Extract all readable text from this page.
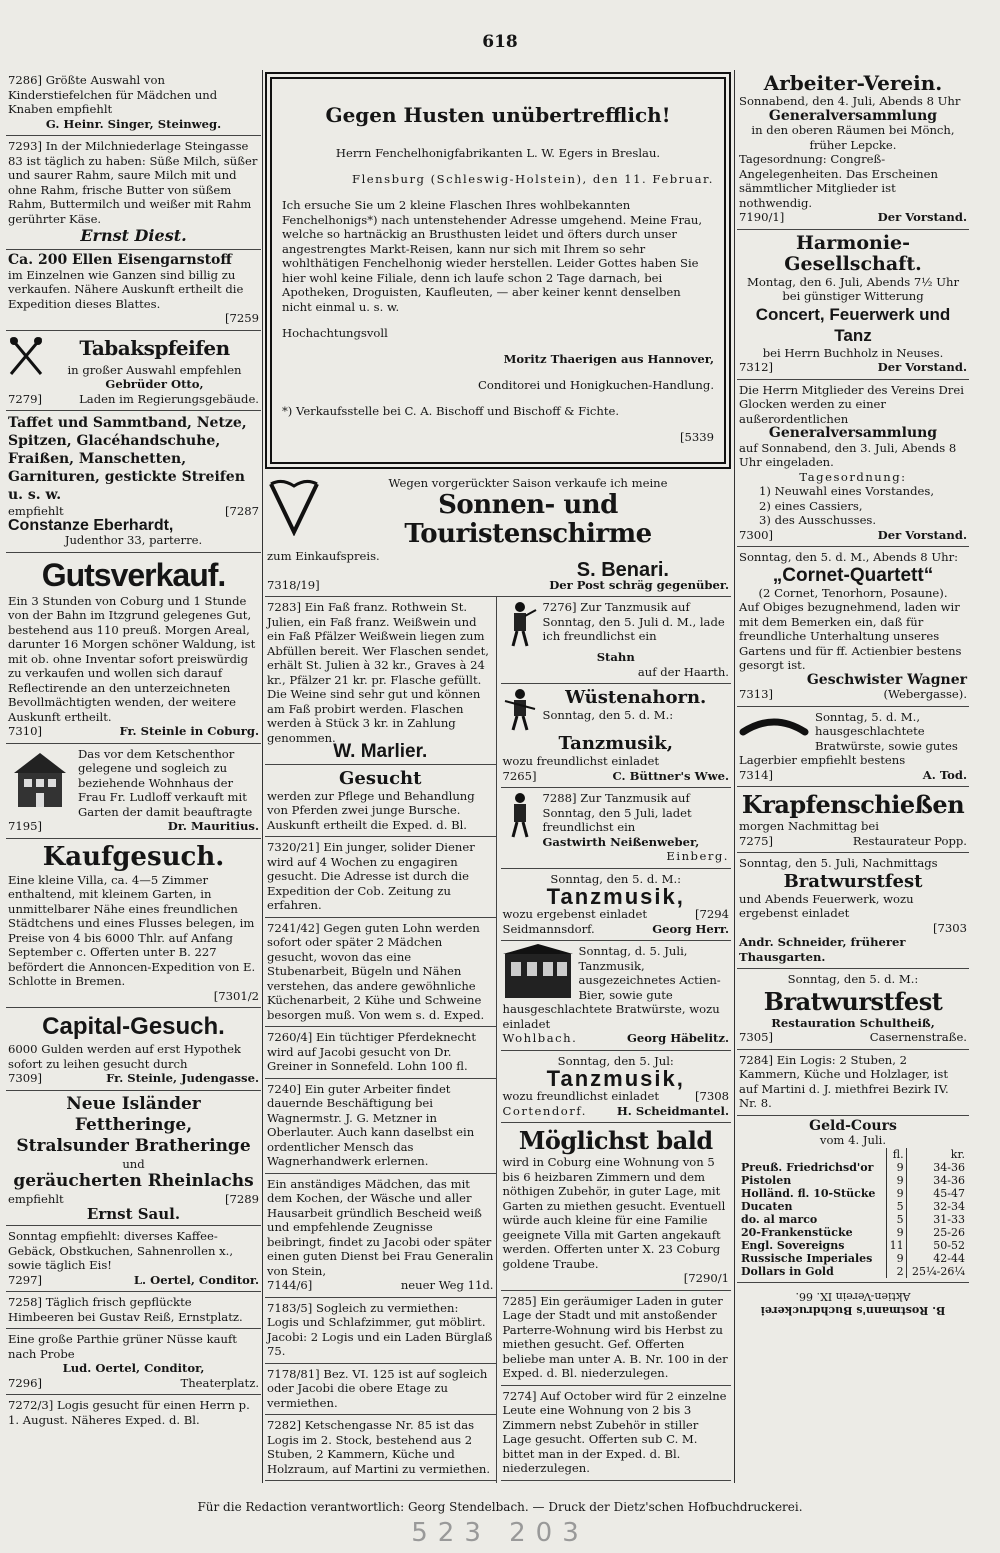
618

7286] Größte Auswahl von Kinderstiefelchen für Mädchen und Knaben empfiehlt

G. Heinr. Singer, Steinweg.

7293] In der Milchniederlage Steingasse 83 ist täglich zu haben: Süße Milch, süßer und saurer Rahm, saure Milch mit und ohne Rahm, frische Butter von süßem Rahm, Buttermilch und weißer mit Rahm gerührter Käse.

Ernst Diest.

Ca. 200 Ellen Eisengarnstoff

im Einzelnen wie Ganzen sind billig zu verkaufen. Nähere Auskunft ertheilt die Expedition dieses Blattes.

[7259

Tabakspfeifen

in großer Auswahl empfehlen

Gebrüder Otto,

7279]	Laden im Regierungsgebäude.

Taffet und Sammtband, Netze, Spitzen, Glacéhandschuhe, Fraißen, Manschetten, Garnituren, gestickte Streifen u. s. w.

empfiehlt	[7287

Constanze Eberhardt,

Judenthor 33, parterre.

Gutsverkauf.

Ein 3 Stunden von Coburg und 1 Stunde von der Bahn im Itzgrund gelegenes Gut, bestehend aus 110 preuß. Morgen Areal, darunter 16 Morgen schöner Waldung, ist mit ob. ohne Inventar sofort preiswürdig zu verkaufen und wollen sich darauf Reflectirende an den unterzeichneten Bevollmächtigten wenden, der weitere Auskunft ertheilt.

7310]	Fr. Steinle in Coburg.

Das vor dem Ketschenthor gelegene und sogleich zu beziehende Wohnhaus der Frau Fr. Ludloff verkauft mit Garten der damit beauftragte

7195]	Dr. Mauritius.

Kaufgesuch.

Eine kleine Villa, ca. 4—5 Zimmer enthaltend, mit kleinem Garten, in unmittelbarer Nähe eines freundlichen Städtchens und eines Flusses belegen, im Preise von 4 bis 6000 Thlr. auf Anfang September c. Offerten unter B. 227 befördert die Annoncen-Expedition von E. Schlotte in Bremen.

[7301/2

Capital-Gesuch.

6000 Gulden werden auf erst Hypothek sofort zu leihen gesucht durch

7309]	Fr. Steinle, Judengasse.

Neue Isländer Fettheringe,

Stralsunder Bratheringe

und

geräucherten Rheinlachs

empfiehlt	[7289

Ernst Saul.

Sonntag empfiehlt: diverses Kaffee-Gebäck, Obstkuchen, Sahnenrollen x., sowie täglich Eis!

7297]	L. Oertel, Conditor.

7258] Täglich frisch gepflückte Himbeeren bei Gustav Reiß, Ernstplatz.

Eine große Parthie grüner Nüsse kauft nach Probe

Lud. Oertel, Conditor,

7296]	Theaterplatz.

7272/3] Logis gesucht für einen Herrn p. 1. August. Näheres Exped. d. Bl.

Gegen Husten unübertrefflich!

Herrn Fenchelhonigfabrikanten L. W. Egers in Breslau.

Flensburg (Schleswig-Holstein), den 11. Februar.

Ich ersuche Sie um 2 kleine Flaschen Ihres wohlbekannten Fenchelhonigs*) nach untenstehender Adresse umgehend. Meine Frau, welche so hartnäckig an Brusthusten leidet und öfters durch unser angestrengtes Markt-Reisen, kann nur sich mit Ihrem so sehr wohlthätigen Fenchelhonig wieder herstellen. Leider Gottes haben Sie hier wohl keine Filiale, denn ich laufe schon 2 Tage darnach, bei Apotheken, Droguisten, Kaufleuten, — aber keiner kennt denselben nicht einmal u. s. w.

Hochachtungsvoll

Moritz Thaerigen aus Hannover,

Conditorei und Honigkuchen-Handlung.

*) Verkaufsstelle bei C. A. Bischoff und Bischoff & Fichte.

[5339

Wegen vorgerückter Saison verkaufe ich meine

Sonnen- und Touristenschirme

zum Einkaufspreis.

S. Benari.

7318/19]	Der Post schräg gegenüber.

7283] Ein Faß franz. Rothwein St. Julien, ein Faß franz. Weißwein und ein Faß Pfälzer Weißwein liegen zum Abfüllen bereit. Wer Flaschen sendet, erhält St. Julien à 32 kr., Graves à 24 kr., Pfälzer 21 kr. pr. Flasche gefüllt. Die Weine sind sehr gut und können am Faß probirt werden. Flaschen werden à Stück 3 kr. in Zahlung genommen.

W. Marlier.

Gesucht

werden zur Pflege und Behandlung von Pferden zwei junge Bursche. Auskunft ertheilt die Exped. d. Bl.

7320/21] Ein junger, solider Diener wird auf 4 Wochen zu engagiren gesucht. Die Adresse ist durch die Expedition der Cob. Zeitung zu erfahren.

7241/42] Gegen guten Lohn werden sofort oder später 2 Mädchen gesucht, wovon das eine Stubenarbeit, Bügeln und Nähen verstehen, das andere gewöhnliche Küchenarbeit, 2 Kühe und Schweine besorgen muß. Von wem s. d. Exped.

7260/4] Ein tüchtiger Pferdeknecht wird auf Jacobi gesucht von Dr. Greiner in Sonnefeld. Lohn 100 fl.

7240] Ein guter Arbeiter findet dauernde Beschäftigung bei Wagnermstr. J. G. Metzner in Oberlauter. Auch kann daselbst ein ordentlicher Mensch das Wagnerhandwerk erlernen.

Ein anständiges Mädchen, das mit dem Kochen, der Wäsche und aller Hausarbeit gründlich Bescheid weiß und empfehlende Zeugnisse beibringt, findet zu Jacobi oder später einen guten Dienst bei Frau Generalin von Stein,

7144/6]	neuer Weg 11d.

7183/5] Sogleich zu vermiethen: Logis und Schlafzimmer, gut möblirt. Jacobi: 2 Logis und ein Laden Bürglaß 75.

7178/81] Bez. VI. 125 ist auf sogleich oder Jacobi die obere Etage zu vermiethen.

7282] Ketschengasse Nr. 85 ist das Logis im 2. Stock, bestehend aus 2 Stuben, 2 Kammern, Küche und Holzraum, auf Martini zu vermiethen.

7276] Zur Tanzmusik auf Sonntag, den 5. Juli d. M., lade ich freundlichst ein

Stahn

auf der Haarth.

Wüstenahorn.

Sonntag, den 5. d. M.:

Tanzmusik,

wozu freundlichst einladet

7265]	C. Büttner's Wwe.

7288] Zur Tanzmusik auf Sonntag, den 5 Juli, ladet freundlichst ein

Gastwirth Neißenweber,

Einberg.

Sonntag, den 5. d. M.:

Tanzmusik,

wozu ergebenst einladet	[7294
Seidmannsdorf.	Georg Herr.

Sonntag, d. 5. Juli, Tanzmusik, ausgezeichnetes Actien-Bier, sowie gute hausgeschlachtete Bratwürste, wozu einladet

Wohlbach.	Georg Häbelitz.

Sonntag, den 5. Jul:

Tanzmusik,

wozu freundlichst einladet	[7308
Cortendorf.	H. Scheidmantel.

Möglichst bald

wird in Coburg eine Wohnung von 5 bis 6 heizbaren Zimmern und dem nöthigen Zubehör, in guter Lage, mit Garten zu miethen gesucht. Eventuell würde auch kleine für eine Familie geeignete Villa mit Garten angekauft werden. Offerten unter X. 23 Coburg goldene Traube.

[7290/1

7285] Ein geräumiger Laden in guter Lage der Stadt und mit anstoßender Parterre-Wohnung wird bis Herbst zu miethen gesucht. Gef. Offerten beliebe man unter A. B. Nr. 100 in der Exped. d. Bl. niederzulegen.

7274] Auf October wird für 2 einzelne Leute eine Wohnung von 2 bis 3 Zimmern nebst Zubehör in stiller Lage gesucht. Offerten sub C. M. bittet man in der Exped. d. Bl. niederzulegen.

Arbeiter-Verein.

Sonnabend, den 4. Juli, Abends 8 Uhr

Generalversammlung

in den oberen Räumen bei Mönch, früher Lepcke.

Tagesordnung: Congreß-Angelegenheiten. Das Erscheinen sämmtlicher Mitglieder ist nothwendig.

7190/1]	Der Vorstand.

Harmonie-Gesellschaft.

Montag, den 6. Juli, Abends 7½ Uhr bei günstiger Witterung

Concert, Feuerwerk und Tanz

bei Herrn Buchholz in Neuses.

7312]	Der Vorstand.

Die Herrn Mitglieder des Vereins Drei Glocken werden zu einer außerordentlichen

Generalversammlung

auf Sonnabend, den 3. Juli, Abends 8 Uhr eingeladen.

Tagesordnung:

1) Neuwahl eines Vorstandes,

2) eines Cassiers,

3) des Ausschusses.

7300]	Der Vorstand.

Sonntag, den 5. d. M., Abends 8 Uhr:

„Cornet-Quartett“

(2 Cornet, Tenorhorn, Posaune).

Auf Obiges bezugnehmend, laden wir mit dem Bemerken ein, daß für freundliche Unterhaltung unseres Gartens und für ff. Actienbier bestens gesorgt ist.

Geschwister Wagner

7313]	(Webergasse).

Sonntag, 5. d. M., hausgeschlachtete Bratwürste, sowie gutes Lagerbier empfiehlt bestens

7314]	A. Tod.

Krapfenschießen

morgen Nachmittag bei

7275]	Restaurateur Popp.

Sonntag, den 5. Juli, Nachmittags

Bratwurstfest

und Abends Feuerwerk, wozu ergebenst einladet

[7303

Andr. Schneider, früherer Thausgarten.

Sonntag, den 5. d. M.:

Bratwurstfest

Restauration Schultheiß,

7305]	Casernenstraße.

7284] Ein Logis: 2 Stuben, 2 Kammern, Küche und Holzlager, ist auf Martini d. J. miethfrei Bezirk IV. Nr. 8.

Geld-Cours

vom 4. Juli.

	fl.	kr.
Preuß. Friedrichsd'or	9	34-36
Pistolen	9	34-36
Holländ. fl. 10-Stücke	9	45-47
Ducaten	5	32-34
do. al marco	5	31-33
20-Frankenstücke	9	25-26
Engl. Sovereigns	11	50-52
Russische Imperiales	9	42-44
Dollars in Gold	2	25¼-26¼

B. Rostmann's Buchdruckerei

Aktien-Verein IX. 66.

Für die Redaction verantwortlich: Georg Stendelbach. — Druck der Dietz'schen Hofbuchdruckerei.
523 203
